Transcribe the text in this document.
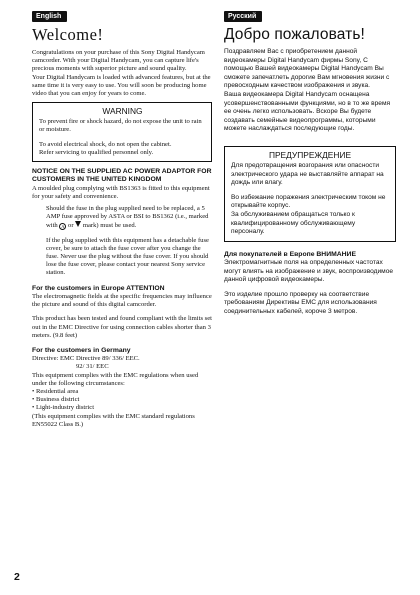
English
Welcome!

Congratulations on your purchase of this Sony Digital Handycam camcorder. With your Digital Handycam, you can capture life's precious moments with superior picture and sound quality.

Your Digital Handycam is loaded with advanced features, but at the same time it is very easy to use. You will soon be producing home video that you can enjoy for years to come.

WARNING

To prevent fire or shock hazard, do not expose the unit to rain or moisture.

To avoid electrical shock, do not open the cabinet.

Refer servicing to qualified personnel only.

NOTICE ON THE SUPPLIED AC POWER ADAPTOR FOR CUSTOMERS IN THE UNITED KINGDOM

A moulded plug complying with BS1363 is fitted to this equipment for your safety and convenience.

Should the fuse in the plug supplied need to be replaced, a 5 AMP fuse approved by ASTA or BSI to BS1362 (i.e., marked with A or mark) must be used.

If the plug supplied with this equipment has a detachable fuse cover, be sure to attach the fuse cover after you change the fuse. Never use the plug without the fuse cover. If you should lose the fuse cover, please contact your nearest Sony service station.

For the customers in Europe ATTENTION

The electromagnetic fields at the specific frequencies may influence the picture and sound of this digital camcorder.

This product has been tested and found compliant with the limits set out in the EMC Directive for using connection cables shorter than 3 meters. (9.8 feet)

For the customers in Germany

Directive: EMC Directive 89/ 336/ EEC.

92/ 31/ EEC

This equipment complies with the EMC regulations when used under the following circumstances:

• Residential area
• Business district
• Light-industry district

(This equipment complies with the EMC standard regulations EN55022 Class B.)

Русский
Добро пожаловать!

Поздравляем Вас с приобретением данной видеокамеры Digital Handycam фирмы Sony, С помощью Вашей видеокамеры Digital Handycam Вы сможете запечатлеть дорогие Вам мгновения жизни с превосходным качеством изображения и звука.

Ваша видеокамера Digital Handycam оснащена усовершенствованными функциями, но в то же время ее очень легко использовать. Вскоре Вы будете создавать семейные видеопрограммы, которыми можете наслаждаться последующие годы.

ПРЕДУПРЕЖДЕНИЕ

Для предотвращения возгорания или опасности электрического удара не выставляйте аппарат на дождь или влагу.

Во избежание поражения электрическим током не открывайте корпус.

За обслуживанием обращаться только к квалифицированному обслуживающему персоналу.

Для покупателей в Европе ВНИМАНИЕ

Электромагнитные поля на определенных частотах могут влиять на изображение и звук, воспроизводимое данной цифровой видеокамеры.

Это изделие прошло проверку на соответствие требованиям Директивы ЕМС для использования соединительных кабелей, короче 3 метров.

2
